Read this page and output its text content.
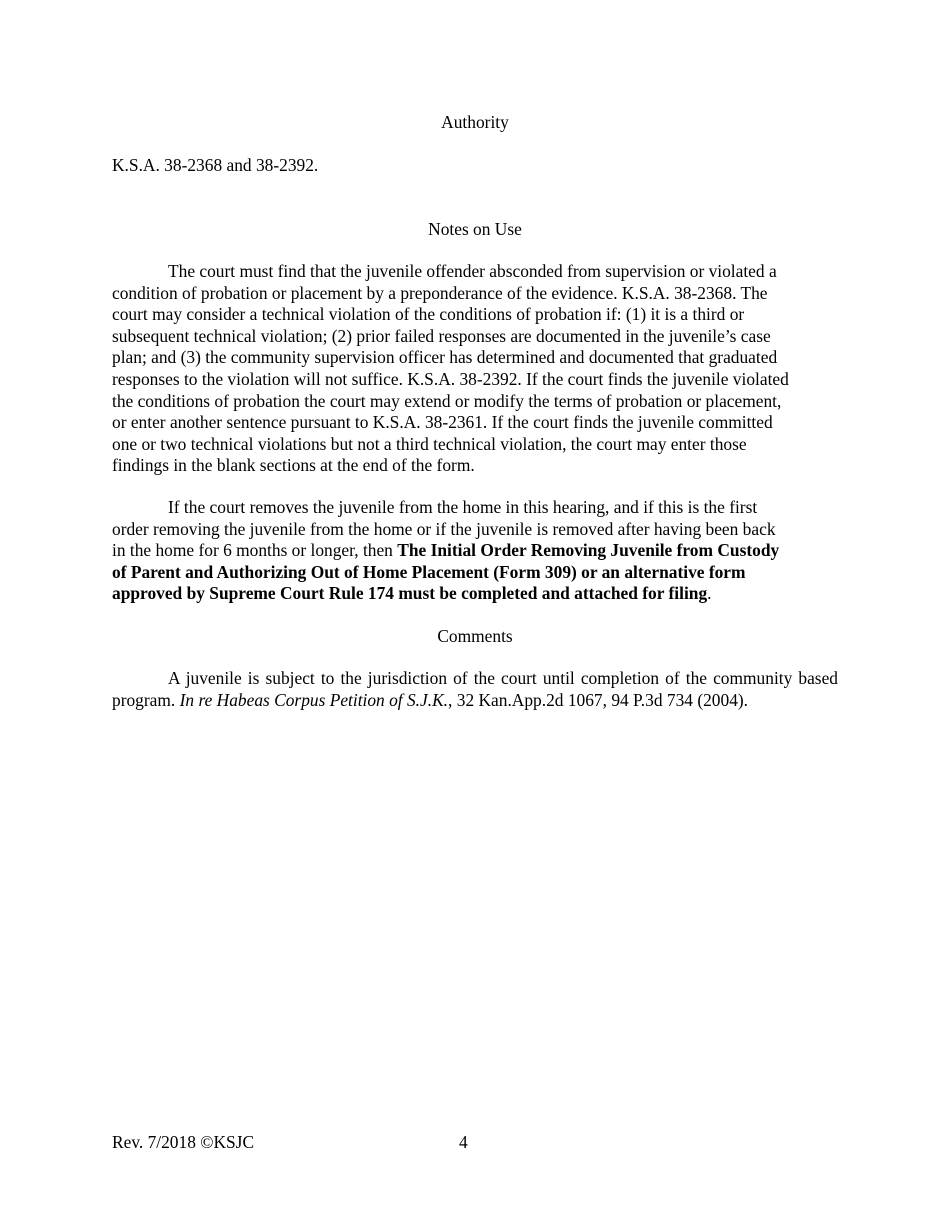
Authority
K.S.A. 38-2368 and 38-2392.
Notes on Use
The court must find that the juvenile offender absconded from supervision or violated a
condition of probation or placement by a preponderance of the evidence. K.S.A. 38-2368. The
court may consider a technical violation of the conditions of probation if: (1) it is a third or
subsequent technical violation; (2) prior failed responses are documented in the juvenile’s case
plan; and (3) the community supervision officer has determined and documented that graduated
responses to the violation will not suffice. K.S.A. 38-2392. If the court finds the juvenile violated
the conditions of probation the court may extend or modify the terms of probation or placement,
or enter another sentence pursuant to K.S.A. 38-2361. If the court finds the juvenile committed
one or two technical violations but not a third technical violation, the court may enter those
findings in the blank sections at the end of the form.
If the court removes the juvenile from the home in this hearing, and if this is the first
order removing the juvenile from the home or if the juvenile is removed after having been back
in the home for 6 months or longer, then The Initial Order Removing Juvenile from Custody
of Parent and Authorizing Out of Home Placement (Form 309) or an alternative form
approved by Supreme Court Rule 174 must be completed and attached for filing.
Comments
A juvenile is subject to the jurisdiction of the court until completion of the community based program. In re Habeas Corpus Petition of S.J.K., 32 Kan.App.2d 1067, 94 P.3d 734 (2004).
Rev. 7/2018 ©KSJC	4
